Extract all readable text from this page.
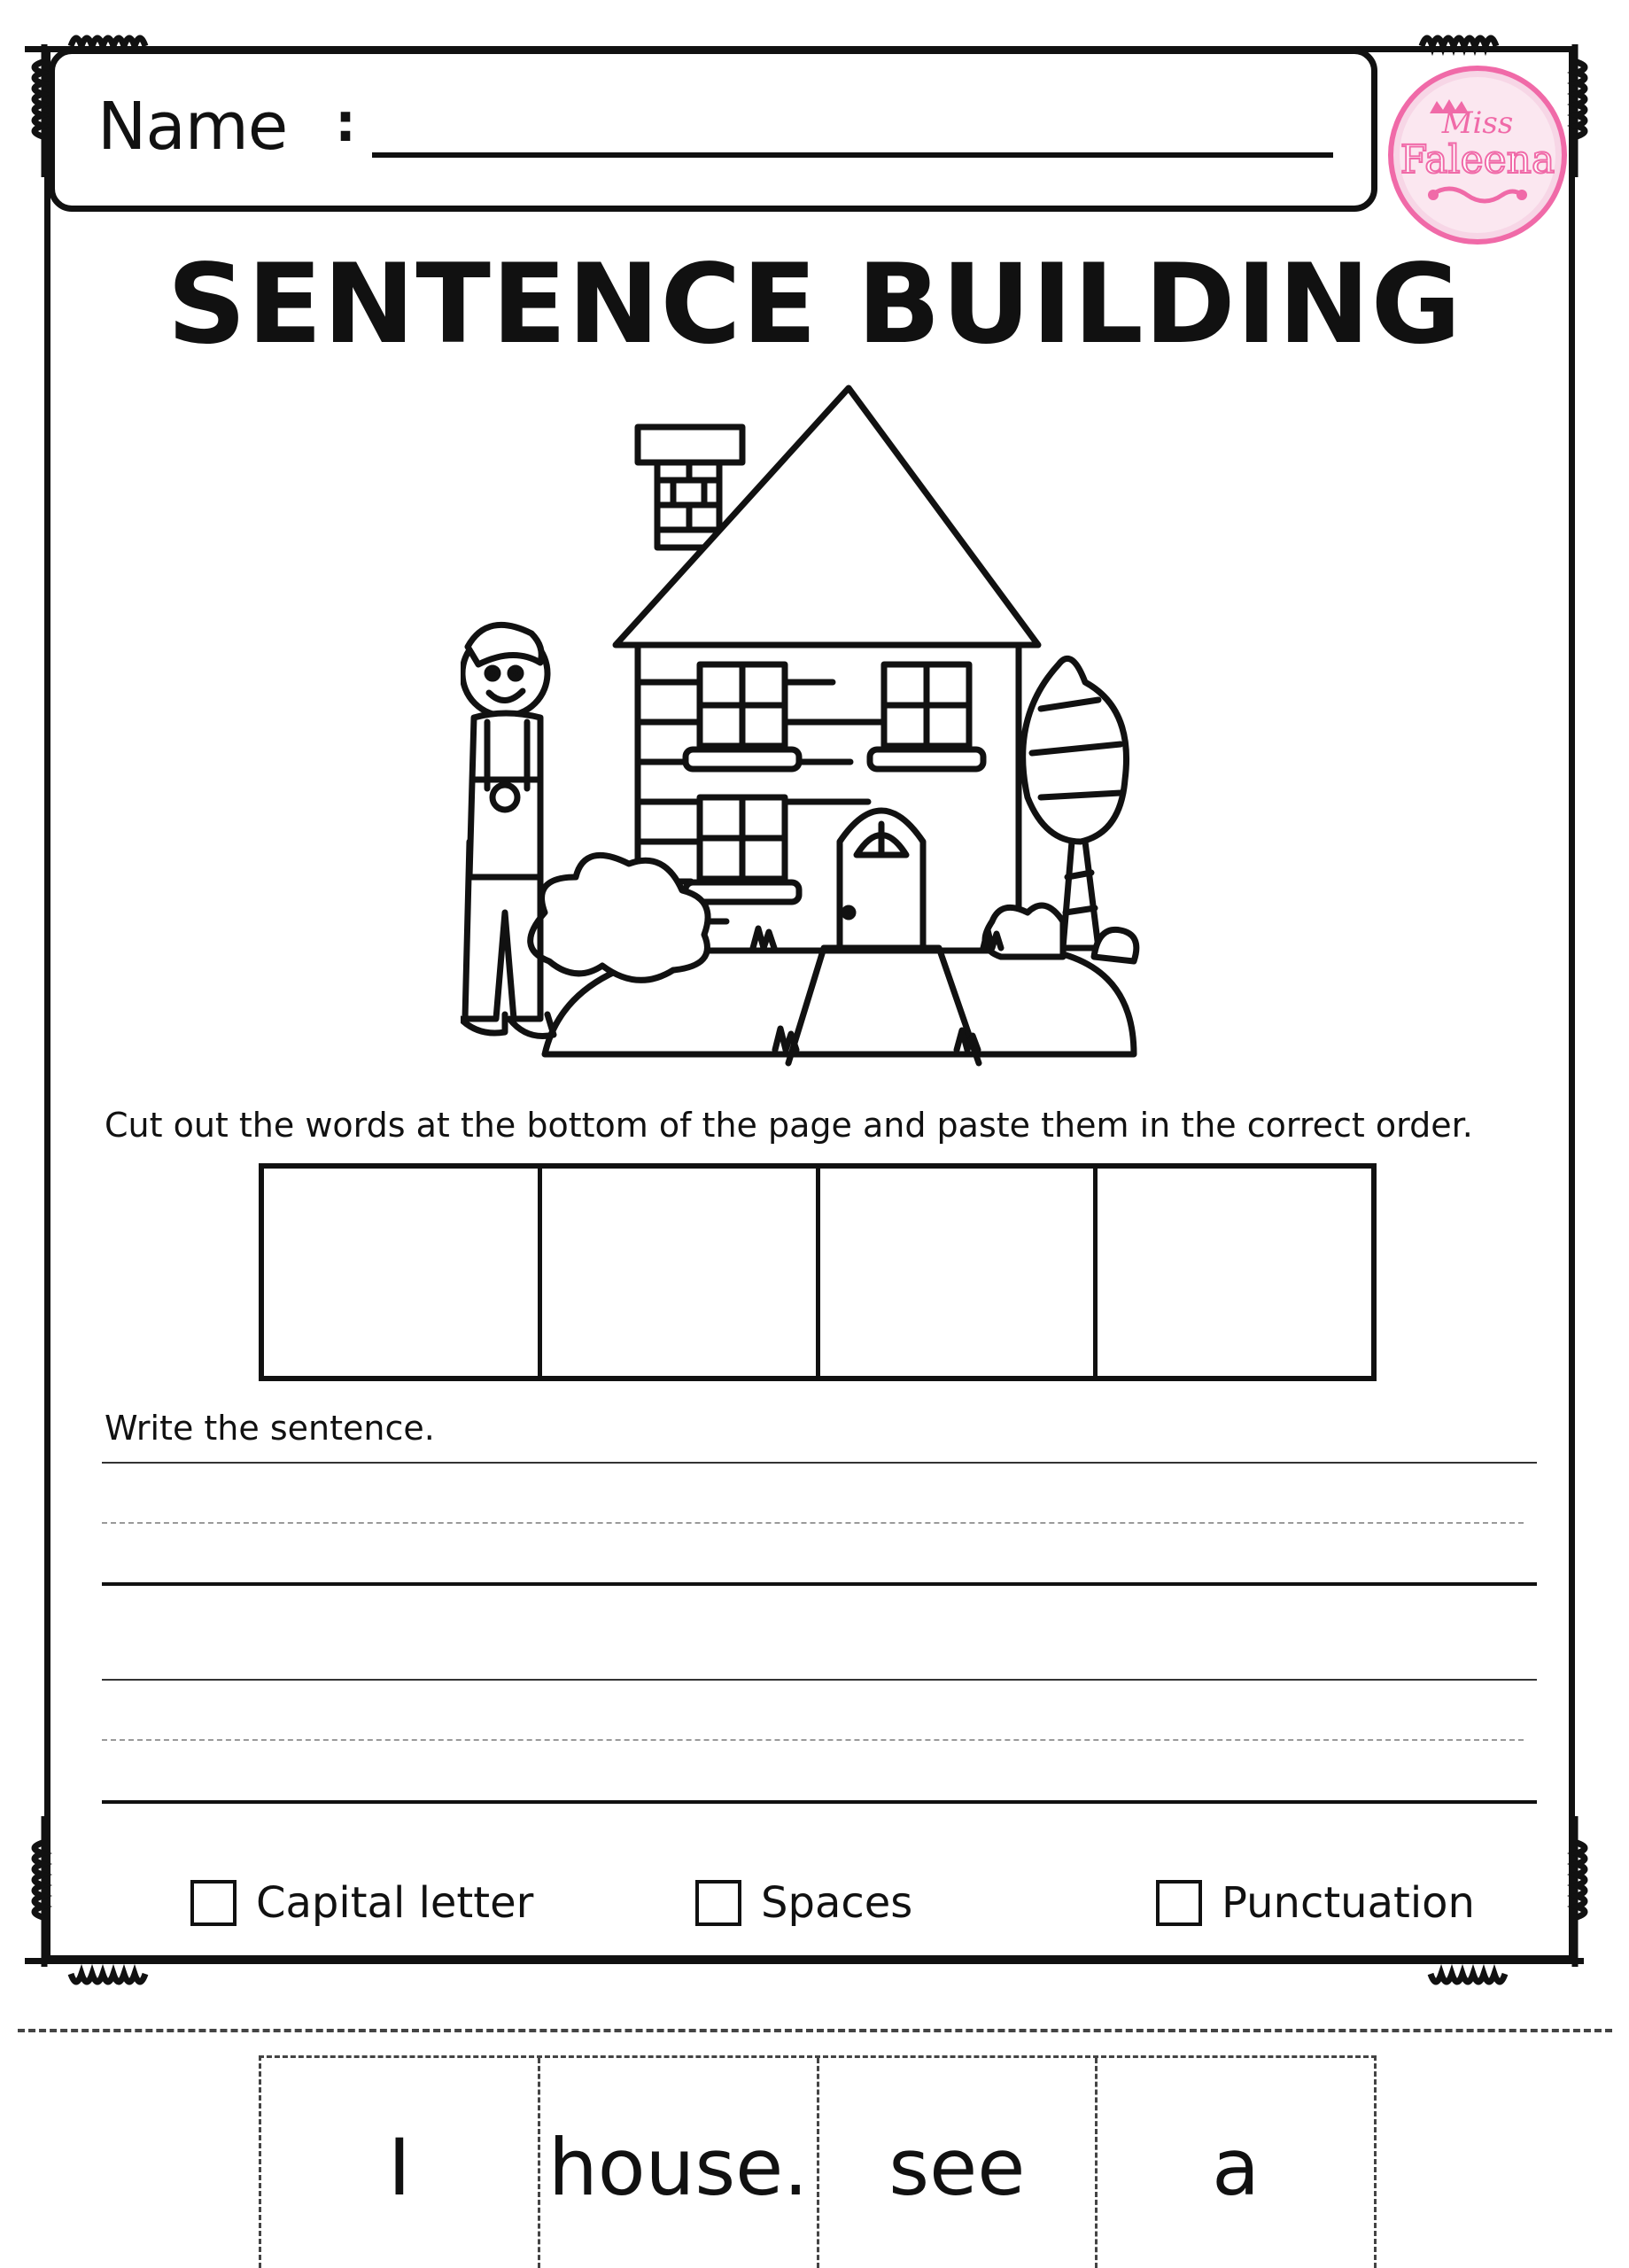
Name :	Miss
Faleena
SENTENCE BUILDING
Cut out the words at the bottom of the page and paste them in the correct order.
Write the sentence.
Capital letter	Spaces	Punctuation
I	house.	see	a
